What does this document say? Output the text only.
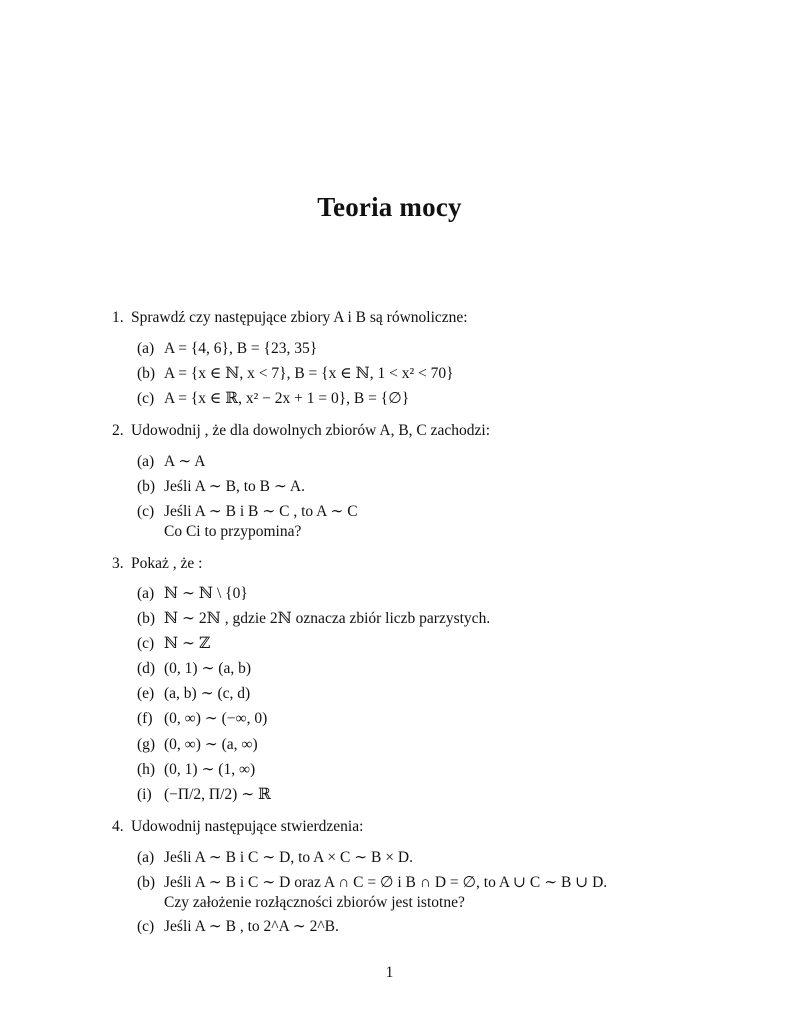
Teoria mocy
1. Sprawdź czy następujące zbiory A i B są równoliczne:
(a) A = {4, 6}, B = {23, 35}
(b) A = {x ∈ ℕ, x < 7}, B = {x ∈ ℕ, 1 < x² < 70}
(c) A = {x ∈ ℝ, x² − 2x + 1 = 0}, B = {∅}
2. Udowodnij , że dla dowolnych zbiorów A, B, C zachodzi:
(a) A ∼ A
(b) Jeśli A ∼ B, to B ∼ A.
(c) Jeśli A ∼ B i B ∼ C , to A ∼ C
Co Ci to przypomina?
3. Pokaż , że :
(a) ℕ ∼ ℕ \ {0}
(b) ℕ ∼ 2ℕ , gdzie 2ℕ oznacza zbiór liczb parzystych.
(c) ℕ ∼ ℤ
(d) (0, 1) ∼ (a, b)
(e) (a, b) ∼ (c, d)
(f) (0, ∞) ∼ (−∞, 0)
(g) (0, ∞) ∼ (a, ∞)
(h) (0, 1) ∼ (1, ∞)
(i) (−Π/2, Π/2) ∼ ℝ
4. Udowodnij następujące stwierdzenia:
(a) Jeśli A ∼ B i C ∼ D, to A × C ∼ B × D.
(b) Jeśli A ∼ B i C ∼ D oraz A ∩ C = ∅ i B ∩ D = ∅, to A ∪ C ∼ B ∪ D.
Czy założenie rozłączności zbiorów jest istotne?
(c) Jeśli A ∼ B , to 2^A ∼ 2^B.
1
